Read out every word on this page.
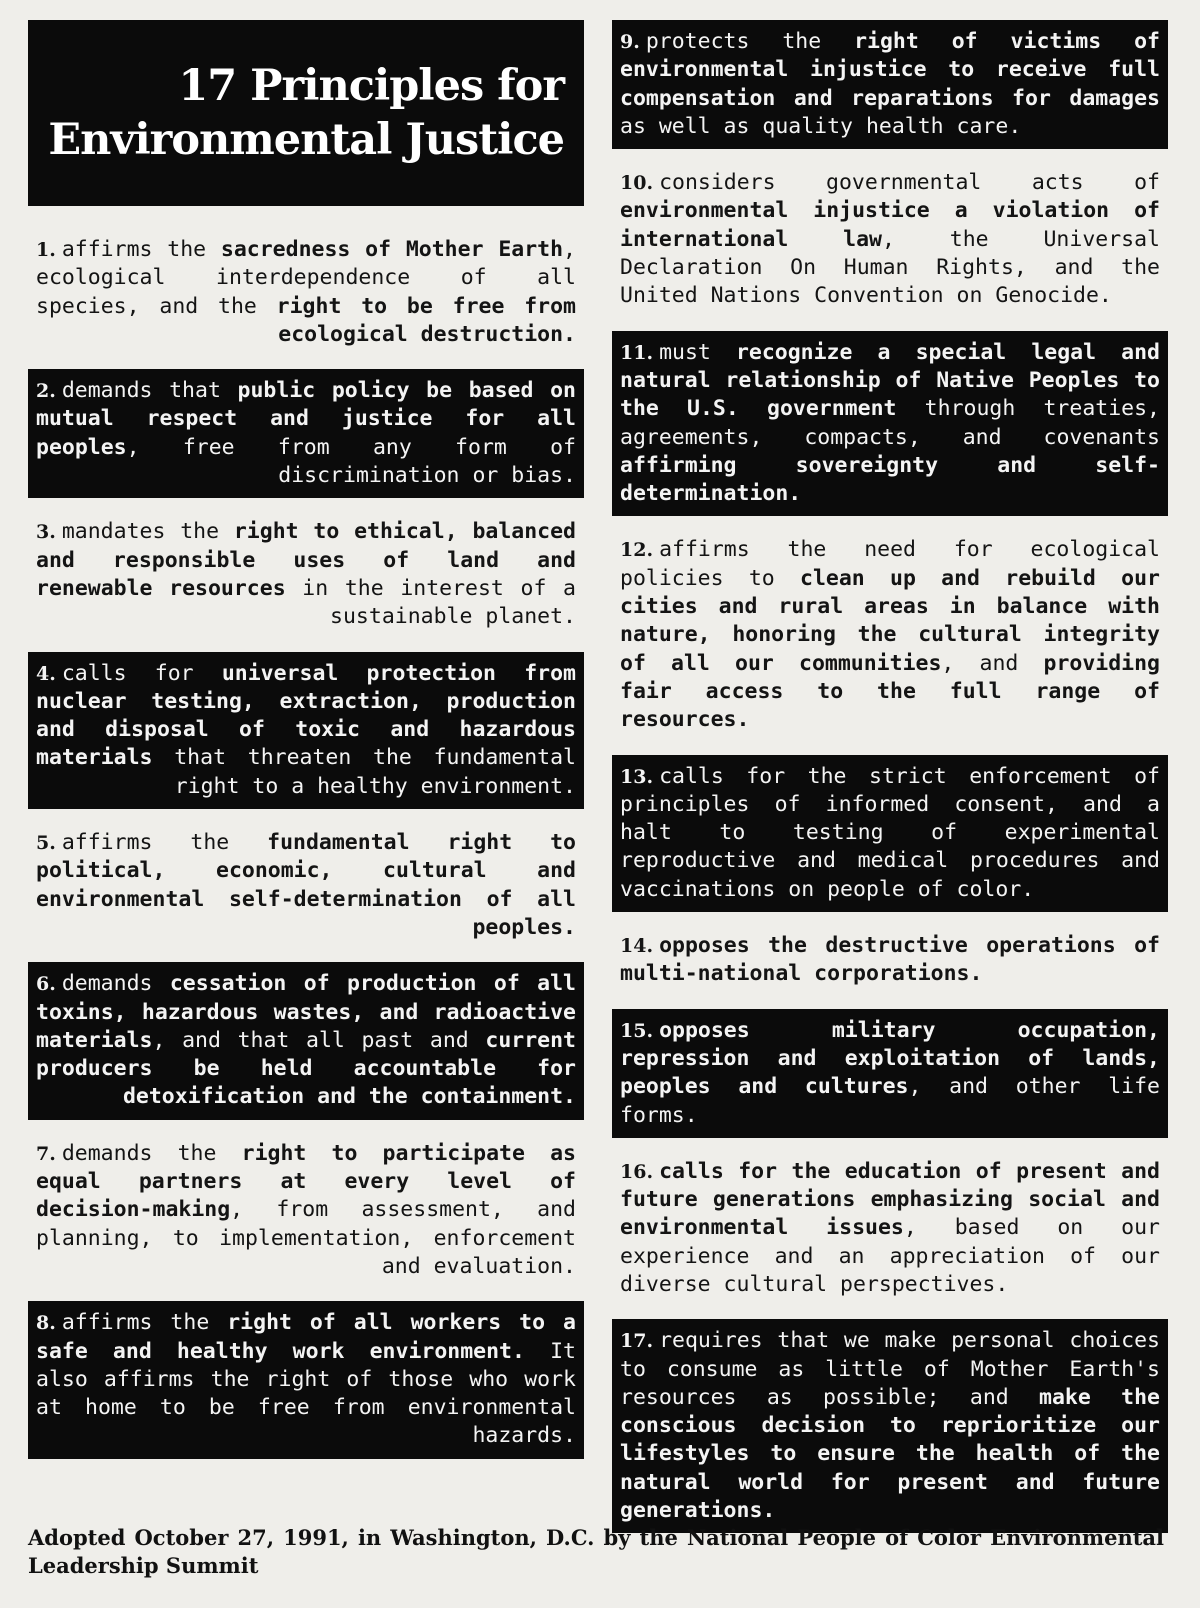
17 Principles for
Environmental Justice
1. affirms the sacredness of Mother Earth, ecological interdependence of all species, and the right to be free from ecological destruction.
2. demands that public policy be based on mutual respect and justice for all peoples, free from any form of discrimination or bias.
3. mandates the right to ethical, balanced and responsible uses of land and renewable resources in the interest of a sustainable planet.
4. calls for universal protection from nuclear testing, extraction, production and disposal of toxic and hazardous materials that threaten the fundamental right to a healthy environment.
5. affirms the fundamental right to political, economic, cultural and environmental self-determination of all peoples.
6. demands cessation of production of all toxins, hazardous wastes, and radioactive materials, and that all past and current producers be held accountable for detoxification and the containment.
7. demands the right to participate as equal partners at every level of decision-making, from assessment, and planning, to implementation, enforcement and evaluation.
8. affirms the right of all workers to a safe and healthy work environment. It also affirms the right of those who work at home to be free from environmental hazards.
9. protects the right of victims of environmental injustice to receive full compensation and reparations for damages as well as quality health care.
10. considers governmental acts of environmental injustice a violation of international law, the Universal Declaration On Human Rights, and the United Nations Convention on Genocide.
11. must recognize a special legal and natural relationship of Native Peoples to the U.S. government through treaties, agreements, compacts, and covenants affirming sovereignty and self-determination.
12. affirms the need for ecological policies to clean up and rebuild our cities and rural areas in balance with nature, honoring the cultural integrity of all our communities, and providing fair access to the full range of resources.
13. calls for the strict enforcement of principles of informed consent, and a halt to testing of experimental reproductive and medical procedures and vaccinations on people of color.
14. opposes the destructive operations of multi-national corporations.
15. opposes military occupation, repression and exploitation of lands, peoples and cultures, and other life forms.
16. calls for the education of present and future generations emphasizing social and environmental issues, based on our experience and an appreciation of our diverse cultural perspectives.
17. requires that we make personal choices to consume as little of Mother Earth's resources as possible; and make the conscious decision to reprioritize our lifestyles to ensure the health of the natural world for present and future generations.
Adopted October 27, 1991, in Washington, D.C. by the National People of Color Environmental Leadership Summit
